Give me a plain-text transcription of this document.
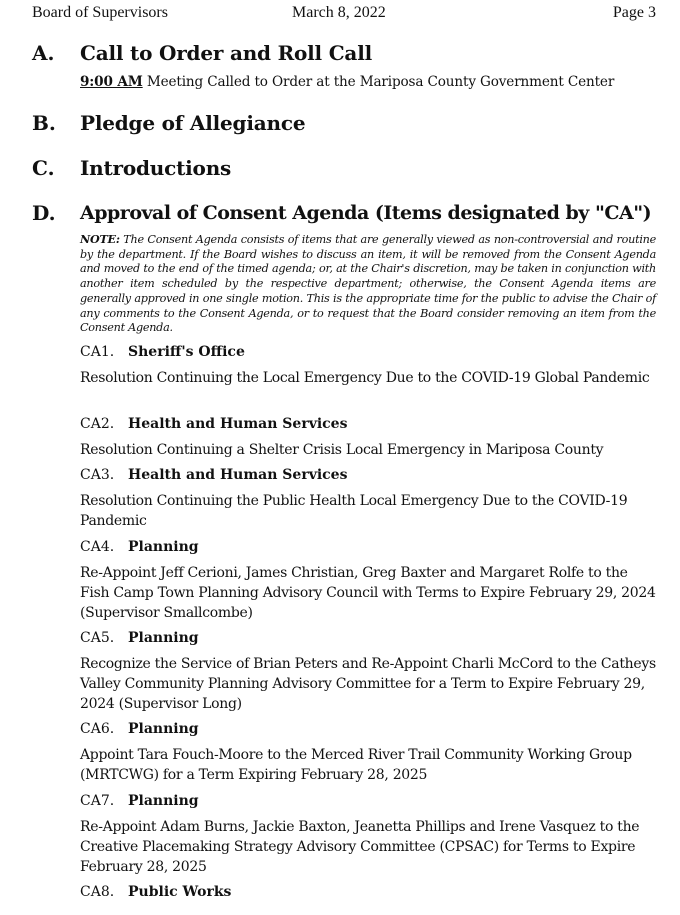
Board of Supervisors	March 8, 2022	Page 3
A. Call to Order and Roll Call
9:00 AM Meeting Called to Order at the Mariposa County Government Center
B. Pledge of Allegiance
C. Introductions
D. Approval of Consent Agenda (Items designated by "CA")
NOTE: The Consent Agenda consists of items that are generally viewed as non-controversial and routine by the department. If the Board wishes to discuss an item, it will be removed from the Consent Agenda and moved to the end of the timed agenda; or, at the Chair's discretion, may be taken in conjunction with another item scheduled by the respective department; otherwise, the Consent Agenda items are generally approved in one single motion. This is the appropriate time for the public to advise the Chair of any comments to the Consent Agenda, or to request that the Board consider removing an item from the Consent Agenda.
CA1. Sheriff's Office
Resolution Continuing the Local Emergency Due to the COVID-19 Global Pandemic
CA2. Health and Human Services
Resolution Continuing a Shelter Crisis Local Emergency in Mariposa County
CA3. Health and Human Services
Resolution Continuing the Public Health Local Emergency Due to the COVID-19 Pandemic
CA4. Planning
Re-Appoint Jeff Cerioni, James Christian, Greg Baxter and Margaret Rolfe to the Fish Camp Town Planning Advisory Council with Terms to Expire February 29, 2024 (Supervisor Smallcombe)
CA5. Planning
Recognize the Service of Brian Peters and Re-Appoint Charli McCord to the Catheys Valley Community Planning Advisory Committee for a Term to Expire February 29, 2024 (Supervisor Long)
CA6. Planning
Appoint Tara Fouch-Moore to the Merced River Trail Community Working Group (MRTCWG) for a Term Expiring February 28, 2025
CA7. Planning
Re-Appoint Adam Burns, Jackie Baxton, Jeanetta Phillips and Irene Vasquez to the Creative Placemaking Strategy Advisory Committee (CPSAC) for Terms to Expire February 28, 2025
CA8. Public Works
